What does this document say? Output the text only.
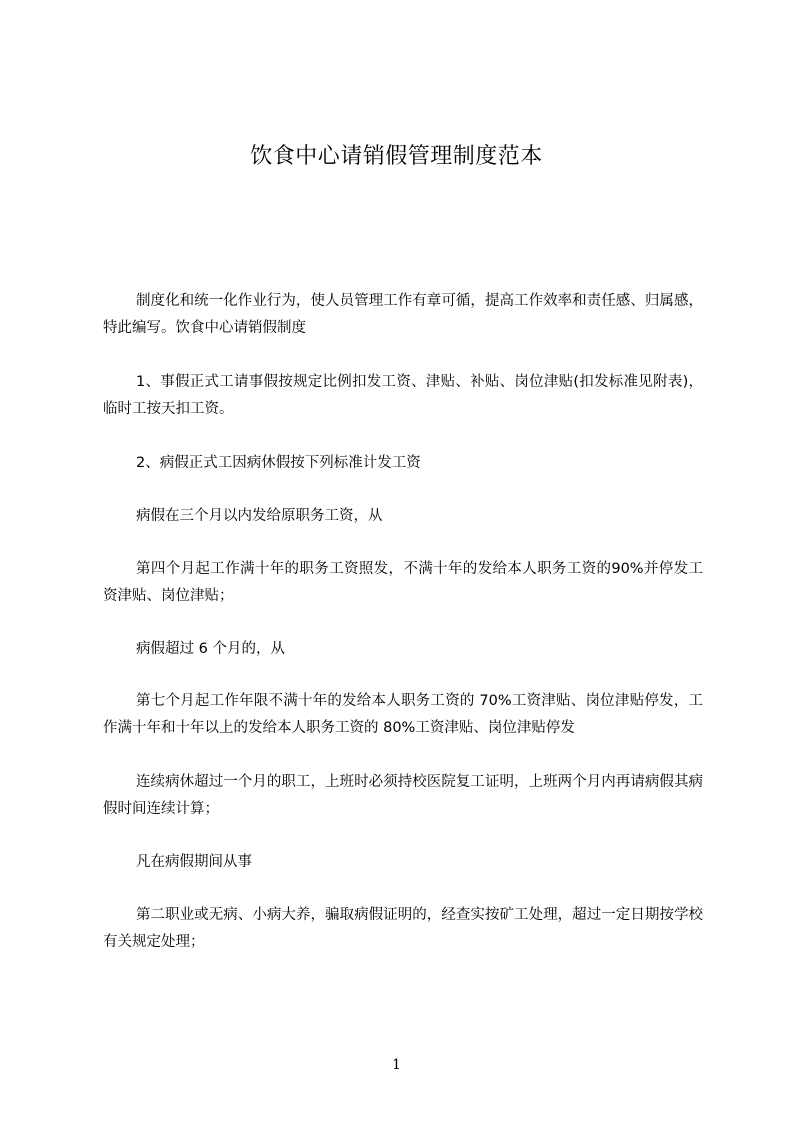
饮食中心请销假管理制度范本

制度化和统一化作业行为，使人员管理工作有章可循，提高工作效率和责任感、归属感，特此编写。饮食中心请销假制度

1、事假正式工请事假按规定比例扣发工资、津贴、补贴、岗位津贴(扣发标准见附表)，临时工按天扣工资。

2、病假正式工因病休假按下列标准计发工资

病假在三个月以内发给原职务工资，从

第四个月起工作满十年的职务工资照发，不满十年的发给本人职务工资的90%并停发工资津贴、岗位津贴；

病假超过 6 个月的，从

第七个月起工作年限不满十年的发给本人职务工资的 70%工资津贴、岗位津贴停发，工作满十年和十年以上的发给本人职务工资的 80%工资津贴、岗位津贴停发

连续病休超过一个月的职工，上班时必须持校医院复工证明，上班两个月内再请病假其病假时间连续计算；

凡在病假期间从事

第二职业或无病、小病大养，骗取病假证明的，经查实按矿工处理，超过一定日期按学校有关规定处理；

1
